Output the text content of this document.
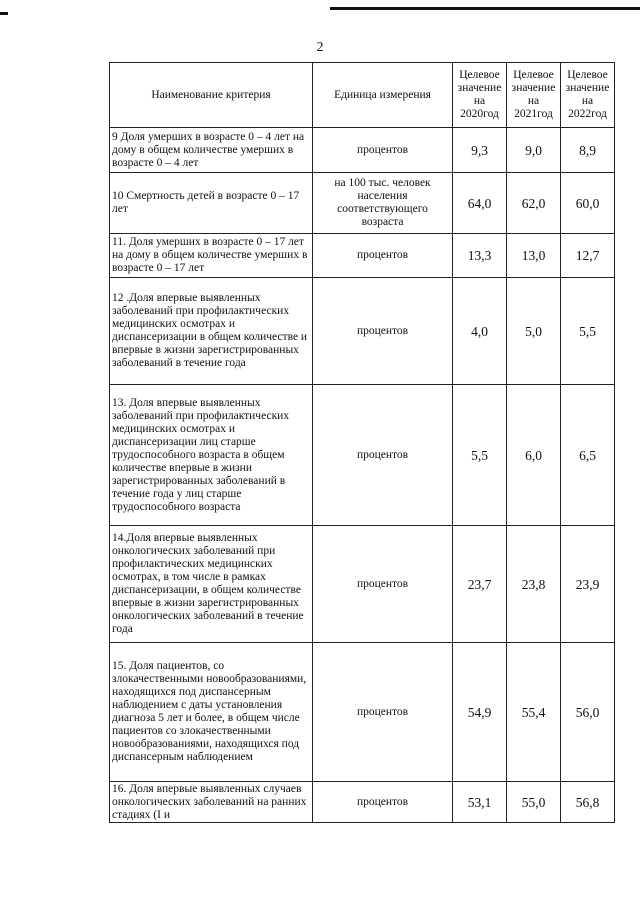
2
Наименование критерия	Единица измерения	Целевое значение на 2020год	Целевое значение на 2021год	Целевое значение на 2022год
9 Доля умерших в возрасте 0 – 4 лет на дому в общем количестве умерших в возрасте 0 – 4 лет	процентов	9,3	9,0	8,9
10 Смертность детей в возрасте 0 – 17 лет	на 100 тыс. человек населения соответствующего возраста	64,0	62,0	60,0
11. Доля умерших в возрасте 0 – 17 лет на дому в общем количестве умерших в возрасте 0 – 17 лет	процентов	13,3	13,0	12,7
12 .Доля впервые выявленных заболеваний при профилактических медицинских осмотрах и диспансеризации в общем количестве и впервые в жизни зарегистрированных заболеваний в течение года	процентов	4,0	5,0	5,5
13. Доля впервые выявленных заболеваний при профилактических медицинских осмотрах и диспансеризации лиц старше трудоспособного возраста в общем количестве впервые в жизни зарегистрированных заболеваний в течение года у лиц старше трудоспособного возраста	процентов	5,5	6,0	6,5
14.Доля впервые выявленных онкологических заболеваний при профилактических медицинских осмотрах, в том числе в рамках диспансеризации, в общем количестве впервые в жизни зарегистрированных онкологических заболеваний в течение года	процентов	23,7	23,8	23,9
15. Доля пациентов, со злокачественными новообразованиями, находящихся под диспансерным наблюдением с даты установления диагноза 5 лет и более, в общем числе пациентов со злокачественными новообразованиями, находящихся под диспансерным наблюдением	процентов	54,9	55,4	56,0
16. Доля впервые выявленных случаев онкологических заболеваний на ранних стадиях (I и	процентов	53,1	55,0	56,8
